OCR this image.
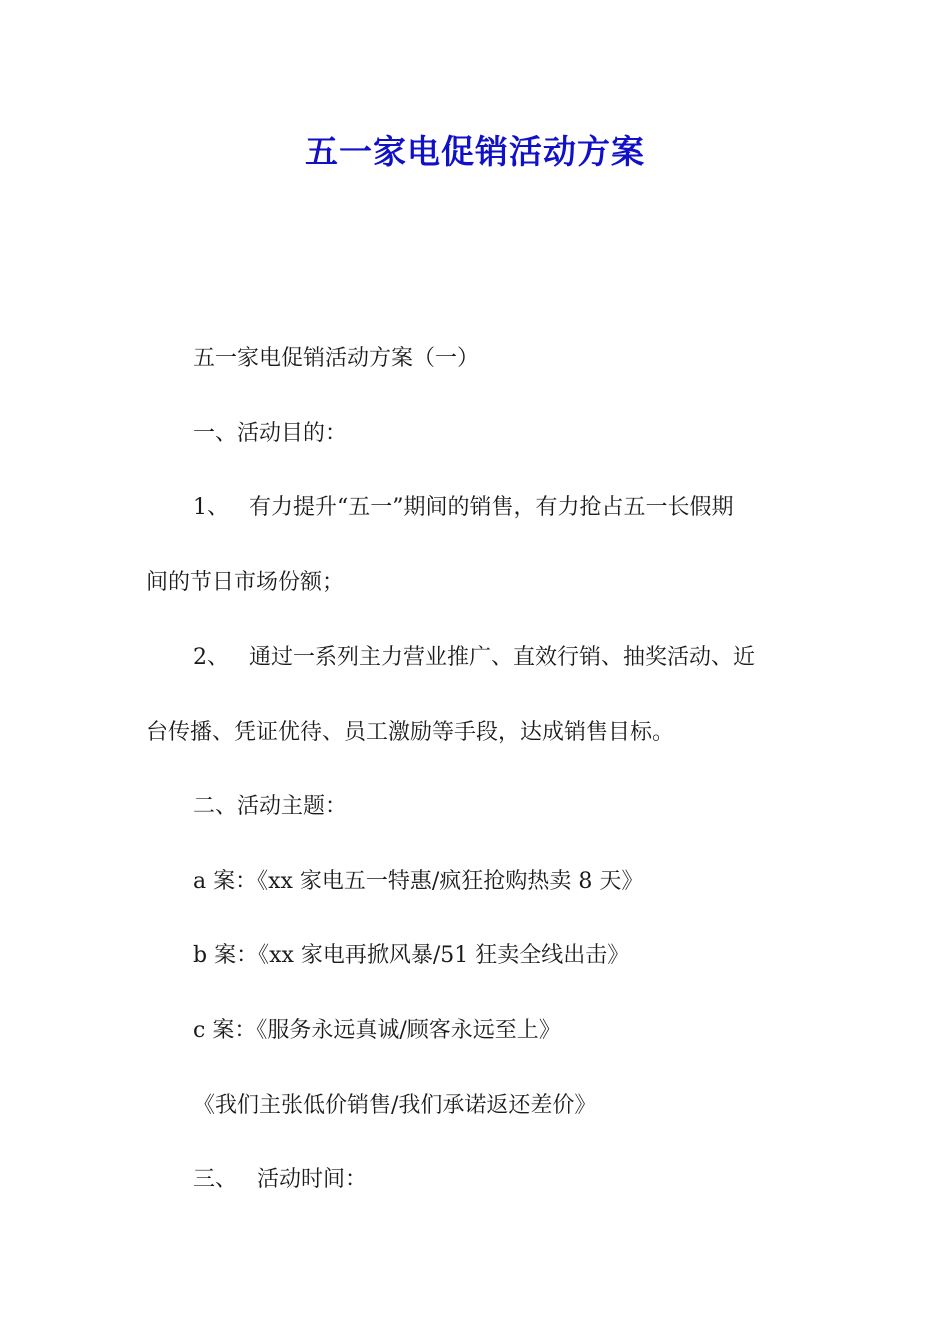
五一家电促销活动方案

五一家电促销活动方案（一）

一、活动目的：

1、 有力提升“五一”期间的销售，有力抢占五一长假期

间的节日市场份额；

2、 通过一系列主力营业推广、直效行销、抽奖活动、近

台传播、凭证优待、员工激励等手段，达成销售目标。

二、活动主题：

a 案：《xx 家电五一特惠/疯狂抢购热卖 8 天》

b 案：《xx 家电再掀风暴/51 狂卖全线出击》

c 案：《服务永远真诚/顾客永远至上》

《我们主张低价销售/我们承诺返还差价》

三、 活动时间：
